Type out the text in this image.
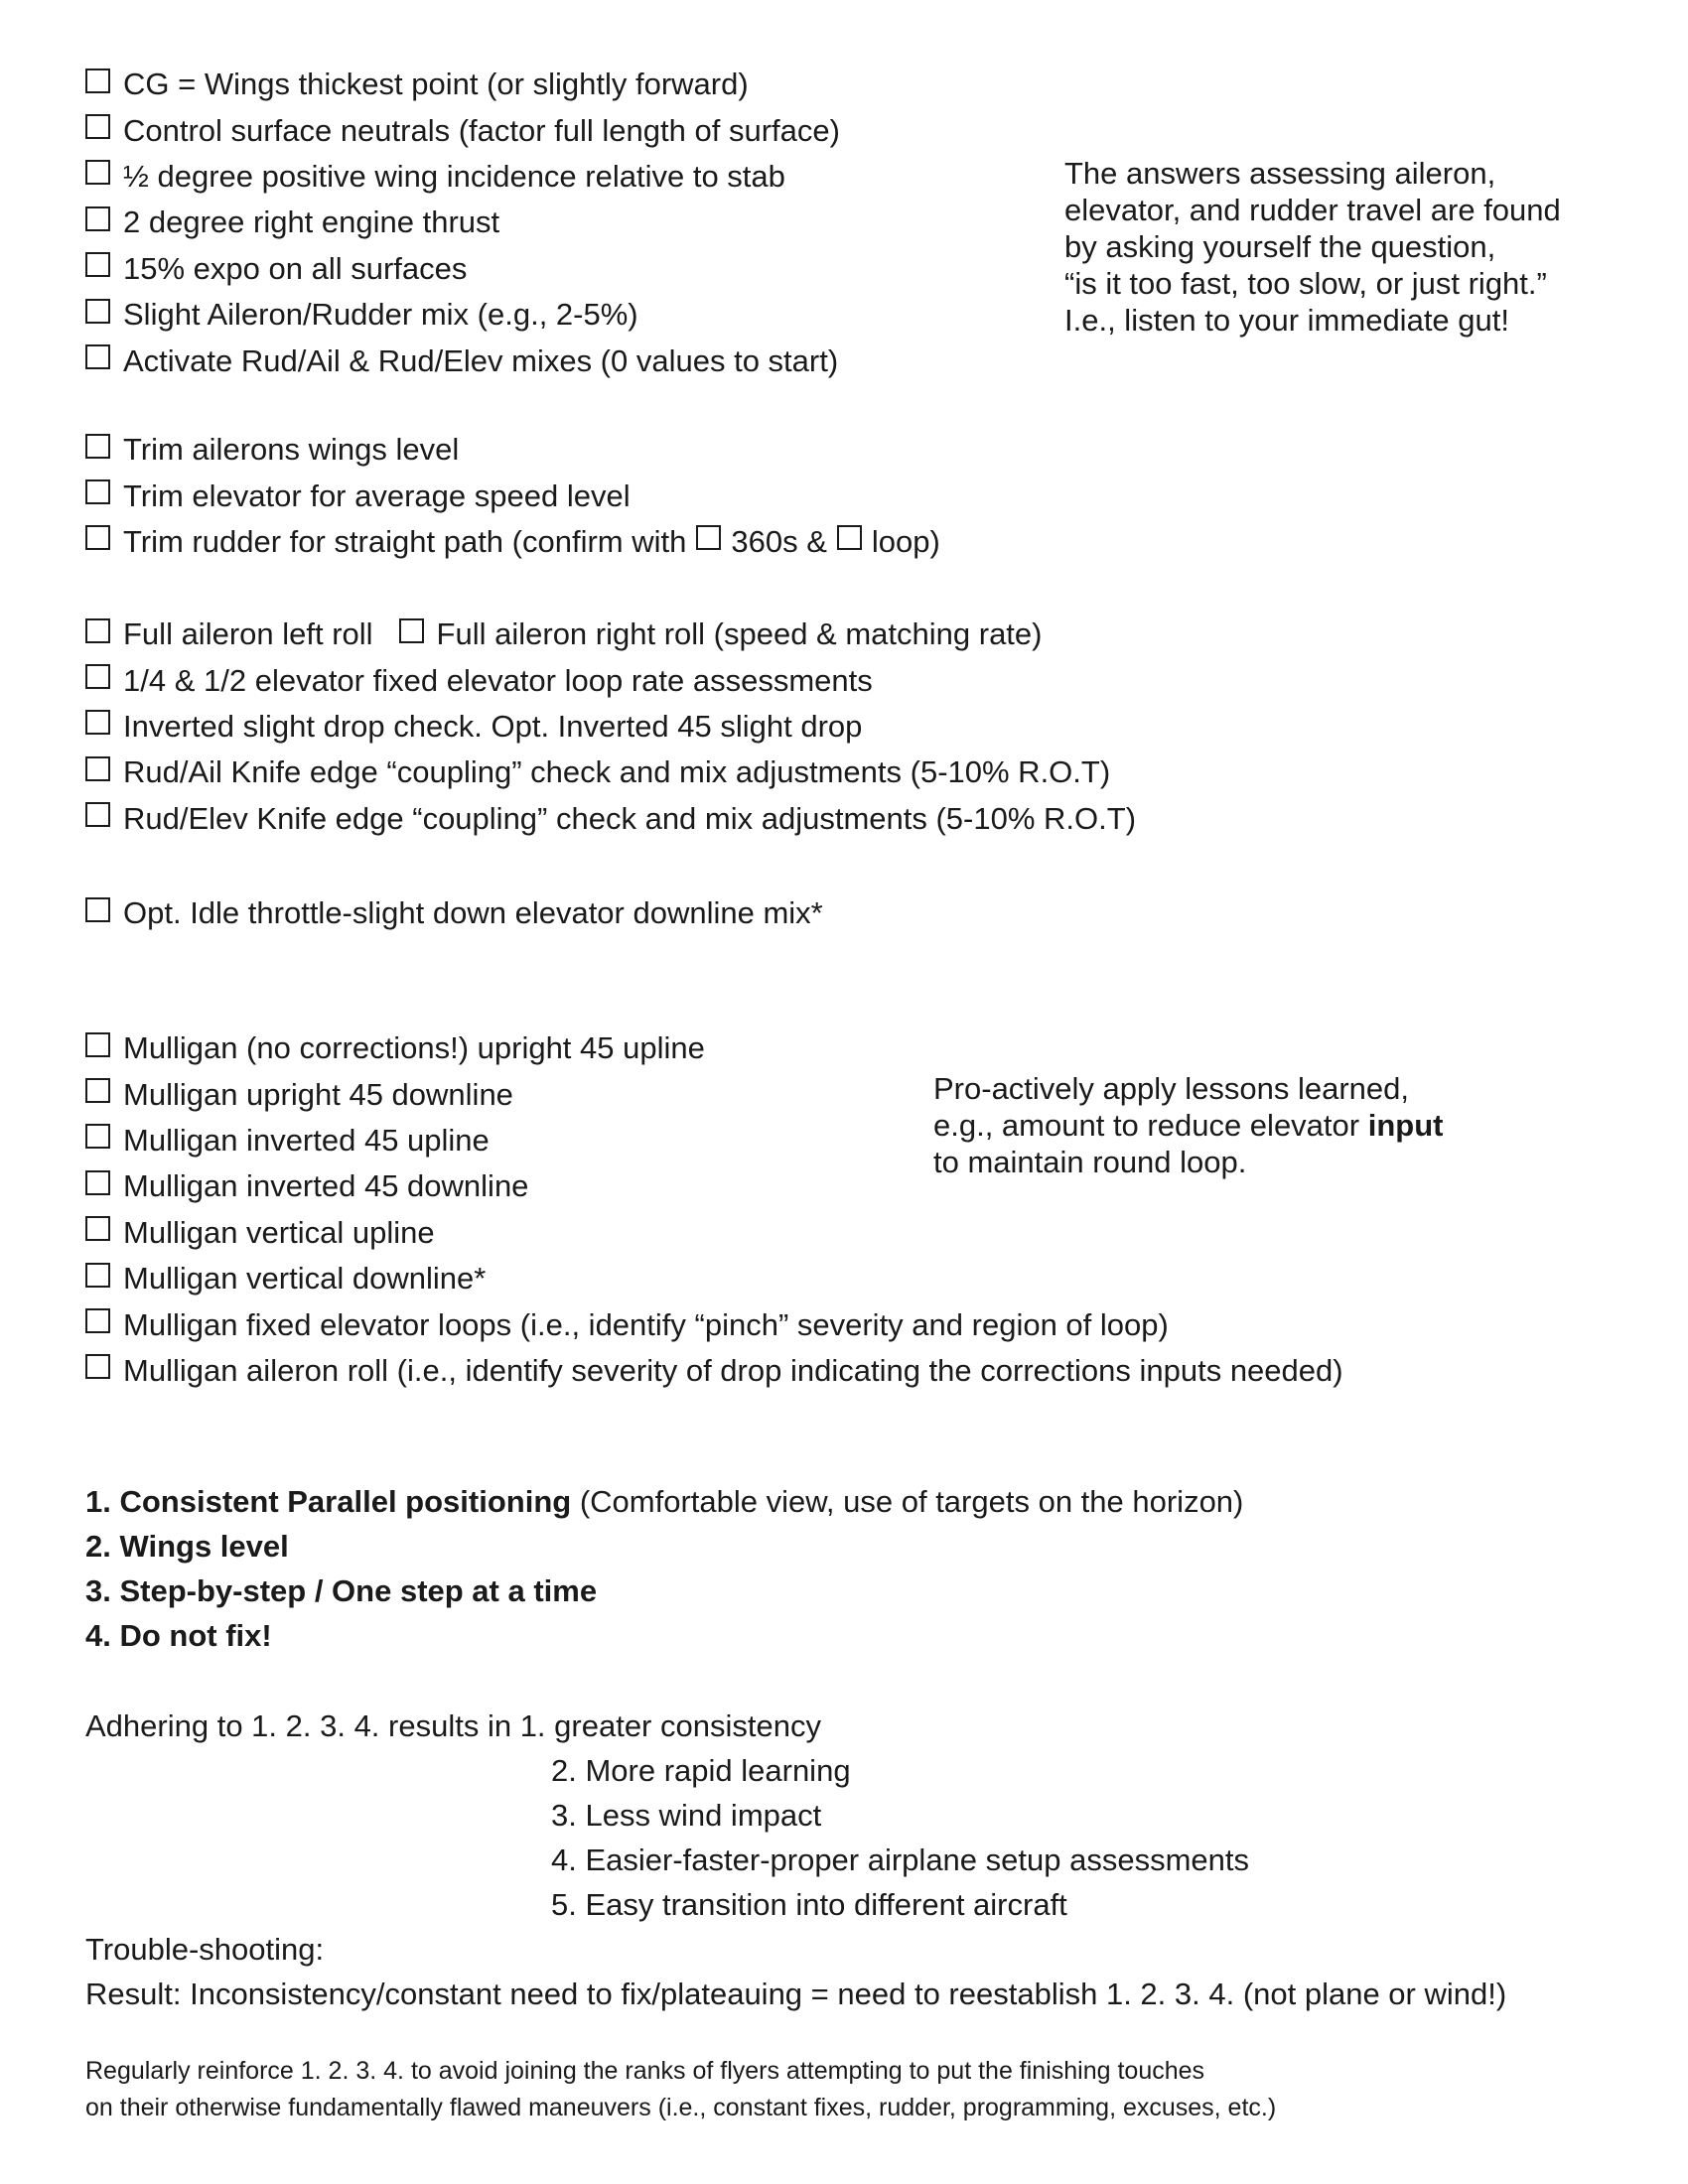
CG = Wings thickest point (or slightly forward)
Control surface neutrals (factor full length of surface)
½ degree positive wing incidence relative to stab
2 degree right engine thrust
15% expo on all surfaces
Slight Aileron/Rudder mix (e.g., 2-5%)
Activate Rud/Ail & Rud/Elev mixes (0 values to start)
The answers assessing aileron,
elevator, and rudder travel are found
by asking yourself the question,
“is it too fast, too slow, or just right.”
I.e., listen to your immediate gut!
Trim ailerons wings level
Trim elevator for average speed level
Trim rudder for straight path (confirm with 360s & loop)
Full aileron left roll Full aileron right roll (speed & matching rate)
1/4 & 1/2 elevator fixed elevator loop rate assessments
Inverted slight drop check. Opt. Inverted 45 slight drop
Rud/Ail Knife edge “coupling” check and mix adjustments (5-10% R.O.T)
Rud/Elev Knife edge “coupling” check and mix adjustments (5-10% R.O.T)
Opt. Idle throttle-slight down elevator downline mix*
Mulligan (no corrections!) upright 45 upline
Mulligan upright 45 downline
Mulligan inverted 45 upline
Mulligan inverted 45 downline
Mulligan vertical upline
Mulligan vertical downline*
Mulligan fixed elevator loops (i.e., identify “pinch” severity and region of loop)
Mulligan aileron roll (i.e., identify severity of drop indicating the corrections inputs needed)
Pro-actively apply lessons learned,
e.g., amount to reduce elevator input
to maintain round loop.
1. Consistent Parallel positioning (Comfortable view, use of targets on the horizon)
2. Wings level
3. Step-by-step / One step at a time
4. Do not fix!
Adhering to 1. 2. 3. 4. results in 1. greater consistency
2. More rapid learning
3. Less wind impact
4. Easier-faster-proper airplane setup assessments
5. Easy transition into different aircraft
Trouble-shooting:
Result: Inconsistency/constant need to fix/plateauing = need to reestablish 1. 2. 3. 4. (not plane or wind!)
Regularly reinforce 1. 2. 3. 4. to avoid joining the ranks of flyers attempting to put the finishing touches
on their otherwise fundamentally flawed maneuvers (i.e., constant fixes, rudder, programming, excuses, etc.)
